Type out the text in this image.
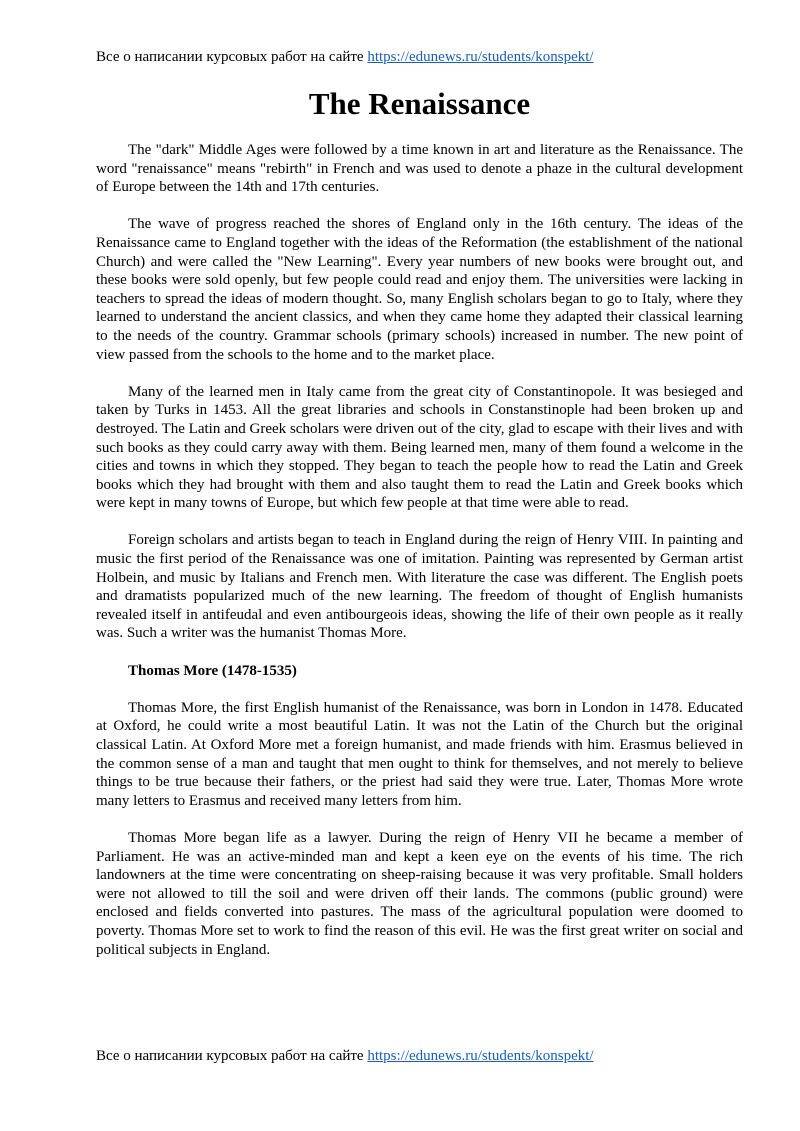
Все о написании курсовых работ на сайте https://edunews.ru/students/konspekt/
The Renaissance

The "dark" Middle Ages were followed by a time known in art and literature as the Renaissance. The word "renaissance" means "rebirth" in French and was used to denote a phaze in the cultural development of Europe between the 14th and 17th centuries.

The wave of progress reached the shores of England only in the 16th century. The ideas of the Renaissance came to England together with the ideas of the Reformation (the establishment of the national Church) and were called the "New Learning". Every year numbers of new books were brought out, and these books were sold openly, but few people could read and enjoy them. The universities were lacking in teachers to spread the ideas of modern thought. So, many English scholars began to go to Italy, where they learned to understand the ancient classics, and when they came home they adapted their classical learning to the needs of the country. Grammar schools (primary schools) increased in number. The new point of view passed from the schools to the home and to the market place.

Many of the learned men in Italy came from the great city of Constantinopole. It was besieged and taken by Turks in 1453. All the great libraries and schools in Constanstinople had been broken up and destroyed. The Latin and Greek scholars were driven out of the city, glad to escape with their lives and with such books as they could carry away with them. Being learned men, many of them found a welcome in the cities and towns in which they stopped. They began to teach the people how to read the Latin and Greek books which they had brought with them and also taught them to read the Latin and Greek books which were kept in many towns of Europe, but which few people at that time were able to read.

Foreign scholars and artists began to teach in England during the reign of Henry VIII. In painting and music the first period of the Renaissance was one of imitation. Painting was represented by German artist Holbein, and music by Italians and French men. With literature the case was different. The English poets and dramatists popularized much of the new learning. The freedom of thought of English humanists revealed itself in antifeudal and even antibourgeois ideas, showing the life of their own people as it really was. Such a writer was the humanist Thomas More.

Thomas More (1478-1535)

Thomas More, the first English humanist of the Renaissance, was born in London in 1478. Educated at Oxford, he could write a most beautiful Latin. It was not the Latin of the Church but the original classical Latin. At Oxford More met a foreign humanist, and made friends with him. Erasmus believed in the common sense of a man and taught that men ought to think for themselves, and not merely to believe things to be true because their fathers, or the priest had said they were true. Later, Thomas More wrote many letters to Erasmus and received many letters from him.

Thomas More began life as a lawyer. During the reign of Henry VII he became a member of Parliament. He was an active-minded man and kept a keen eye on the events of his time. The rich landowners at the time were concentrating on sheep-raising because it was very profitable. Small holders were not allowed to till the soil and were driven off their lands. The commons (public ground) were enclosed and fields converted into pastures. The mass of the agricultural population were doomed to poverty. Thomas More set to work to find the reason of this evil. He was the first great writer on social and political subjects in England.

Все о написании курсовых работ на сайте https://edunews.ru/students/konspekt/
